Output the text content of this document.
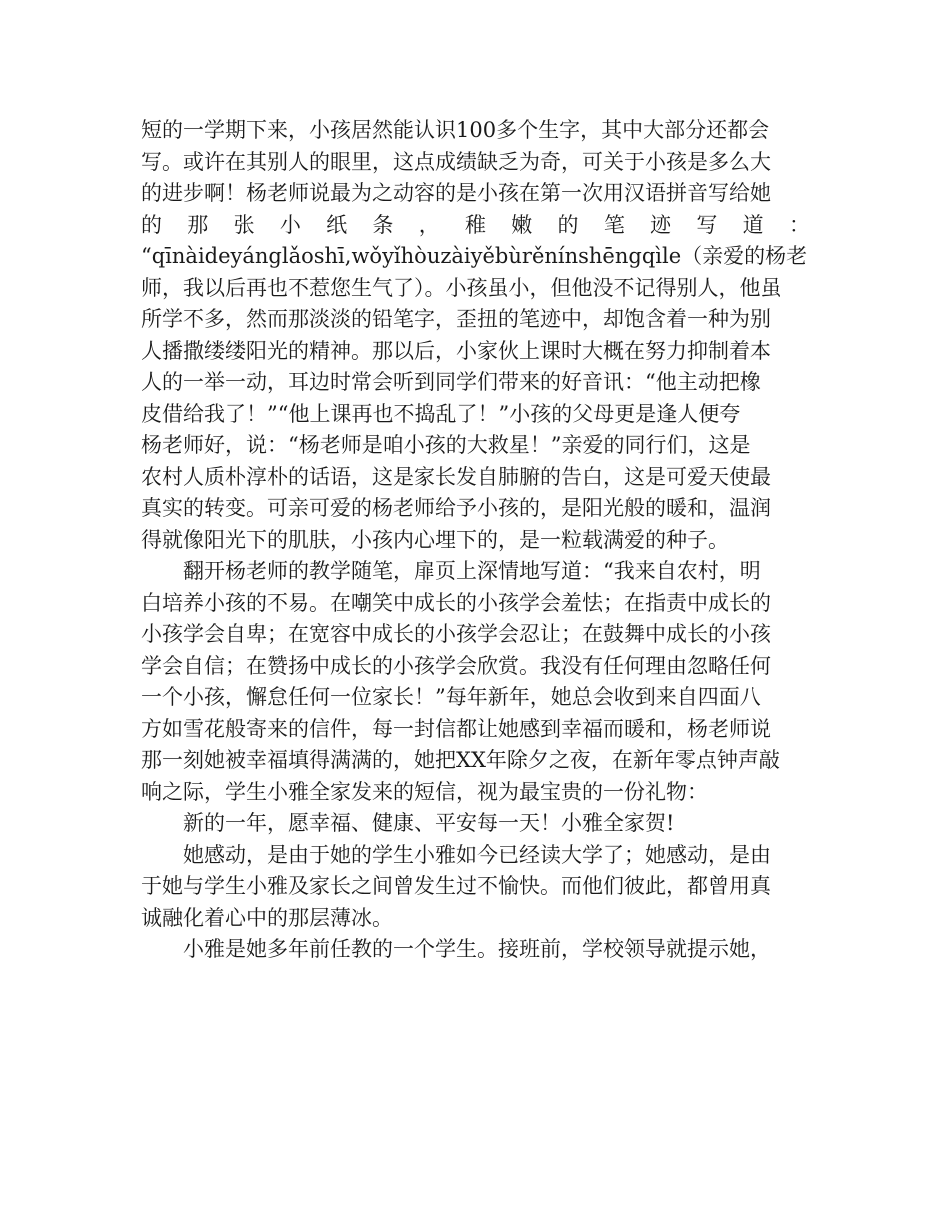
短的一学期下来，小孩居然能认识100多个生字，其中大部分还都会
写。或许在其别人的眼里，这点成绩缺乏为奇，可关于小孩是多么大
的进步啊！杨老师说最为之动容的是小孩在第一次用汉语拼音写给她
的 那 张 小 纸 条 ， 稚 嫩 的 笔 迹 写 道 ：
“qīnàideyánglǎoshī,wǒyǐhòuzàiyěbùrěnínshēngqìle（亲爱的杨老
师，我以后再也不惹您生气了）。小孩虽小，但他没不记得别人，他虽
所学不多，然而那淡淡的铅笔字，歪扭的笔迹中，却饱含着一种为别
人播撒缕缕阳光的精神。那以后，小家伙上课时大概在努力抑制着本
人的一举一动，耳边时常会听到同学们带来的好音讯：“他主动把橡
皮借给我了！”“他上课再也不捣乱了！”小孩的父母更是逢人便夸
杨老师好，说：“杨老师是咱小孩的大救星！”亲爱的同行们，这是
农村人质朴淳朴的话语，这是家长发自肺腑的告白，这是可爱天使最
真实的转变。可亲可爱的杨老师给予小孩的，是阳光般的暖和，温润
得就像阳光下的肌肤，小孩内心埋下的，是一粒载满爱的种子。
翻开杨老师的教学随笔，扉页上深情地写道：“我来自农村，明
白培养小孩的不易。在嘲笑中成长的小孩学会羞怯；在指责中成长的
小孩学会自卑；在宽容中成长的小孩学会忍让；在鼓舞中成长的小孩
学会自信；在赞扬中成长的小孩学会欣赏。我没有任何理由忽略任何
一个小孩，懈怠任何一位家长！”每年新年，她总会收到来自四面八
方如雪花般寄来的信件，每一封信都让她感到幸福而暖和，杨老师说
那一刻她被幸福填得满满的，她把XX年除夕之夜，在新年零点钟声敲
响之际，学生小雅全家发来的短信，视为最宝贵的一份礼物：
新的一年，愿幸福、健康、平安每一天！小雅全家贺!
她感动，是由于她的学生小雅如今已经读大学了；她感动，是由
于她与学生小雅及家长之间曾发生过不愉快。而他们彼此，都曾用真
诚融化着心中的那层薄冰。
小雅是她多年前任教的一个学生。接班前，学校领导就提示她，
